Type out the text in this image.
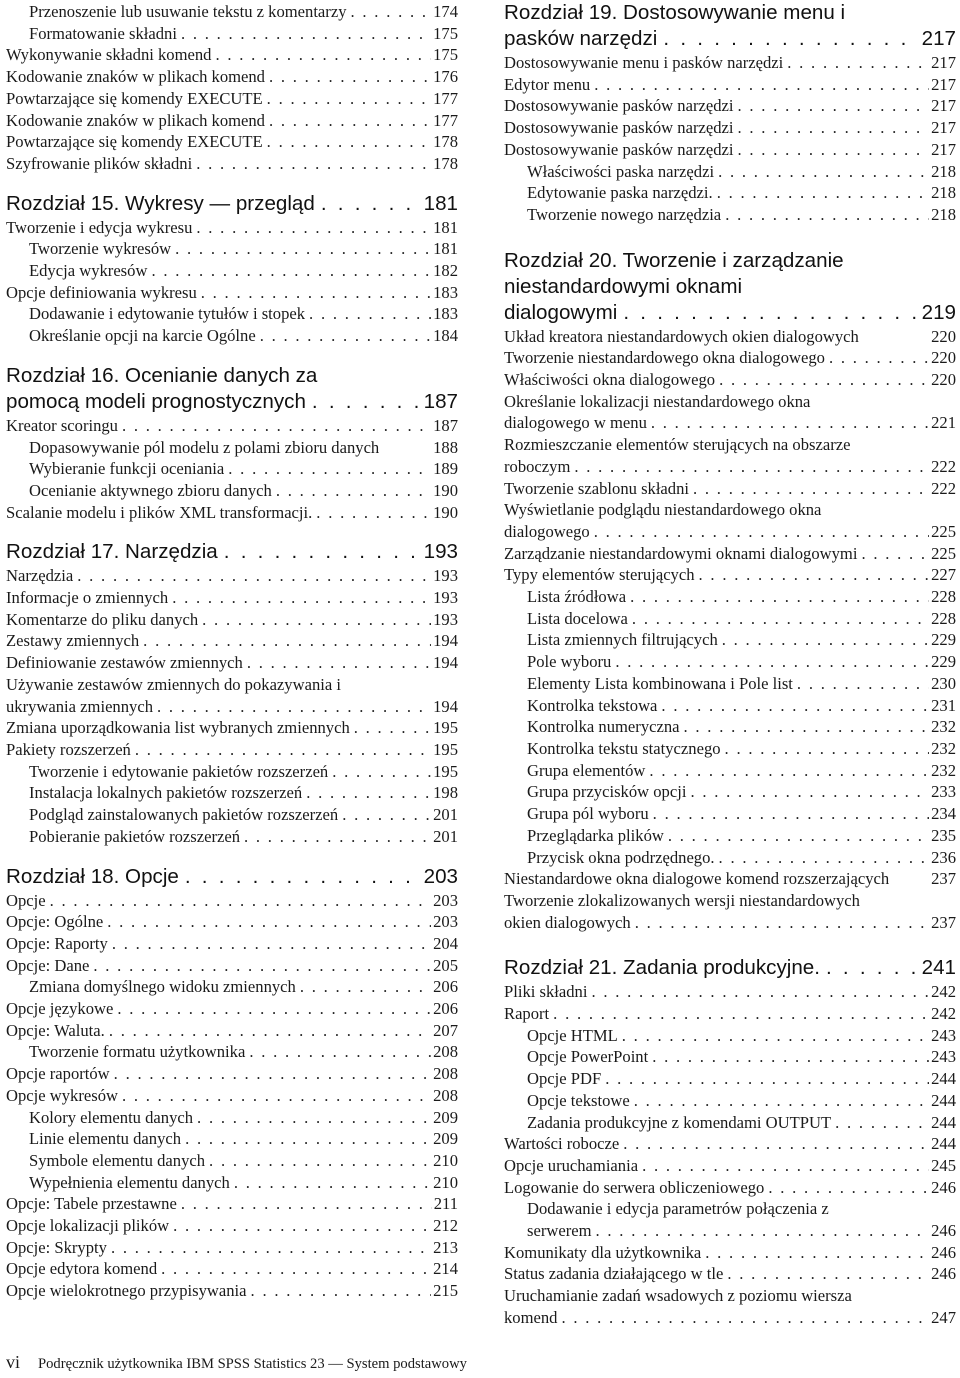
Przenoszenie lub usuwanie tekstu z komentarzy . . .	174
Formatowanie składni . . .	175
Wykonywanie składni komend . . .	175
Kodowanie znaków w plikach komend . . .	176
Powtarzające się komendy EXECUTE . . .	177
Kodowanie znaków w plikach komend . . .	177
Powtarzające się komendy EXECUTE . . .	178
Szyfrowanie plików składni . . .	178
Rozdział 15. Wykresy — przegląd . . .	181
Tworzenie i edycja wykresu . . .	181
Tworzenie wykresów . . .	181
Edycja wykresów . . .	182
Opcje definiowania wykresu . . .	183
Dodawanie i edytowanie tytułów i stopek . . .	183
Określanie opcji na karcie Ogólne . . .	184
Rozdział 16. Ocenianie danych za
pomocą modeli prognostycznych . . .	187
Kreator scoringu . . .	187
Dopasowywanie pól modelu z polami zbioru danych	188
Wybieranie funkcji oceniania . . .	189
Ocenianie aktywnego zbioru danych . . .	190
Scalanie modelu i plików XML transformacji. . . .	190
Rozdział 17. Narzędzia . . .	193
Narzędzia . . .	193
Informacje o zmiennych . . .	193
Komentarze do pliku danych . . .	193
Zestawy zmiennych . . .	194
Definiowanie zestawów zmiennych . . .	194
Używanie zestawów zmiennych do pokazywania i
ukrywania zmiennych . . .	194
Zmiana uporządkowania list wybranych zmiennych . . .	195
Pakiety rozszerzeń . . .	195
Tworzenie i edytowanie pakietów rozszerzeń . . .	195
Instalacja lokalnych pakietów rozszerzeń . . .	198
Podgląd zainstalowanych pakietów rozszerzeń . . .	201
Pobieranie pakietów rozszerzeń . . .	201
Rozdział 18. Opcje . . .	203
Opcje . . .	203
Opcje: Ogólne . . .	203
Opcje: Raporty . . .	204
Opcje: Dane . . .	205
Zmiana domyślnego widoku zmiennych . . .	206
Opcje językowe . . .	206
Opcje: Waluta. . . .	207
Tworzenie formatu użytkownika . . .	208
Opcje raportów . . .	208
Opcje wykresów . . .	208
Kolory elementu danych . . .	209
Linie elementu danych . . .	209
Symbole elementu danych . . .	210
Wypełnienia elementu danych . . .	210
Opcje: Tabele przestawne . . .	211
Opcje lokalizacji plików . . .	212
Opcje: Skrypty . . .	213
Opcje edytora komend . . .	214
Opcje wielokrotnego przypisywania . . .	215
Rozdział 19. Dostosowywanie menu i
pasków narzędzi . . .	217
Dostosowywanie menu i pasków narzędzi . . .	217
Edytor menu . . .	217
Dostosowywanie pasków narzędzi . . .	217
Dostosowywanie pasków narzędzi . . .	217
Dostosowywanie pasków narzędzi . . .	217
Właściwości paska narzędzi . . .	218
Edytowanie paska narzędzi. . . .	218
Tworzenie nowego narzędzia . . .	218
Rozdział 20. Tworzenie i zarządzanie
niestandardowymi oknami
dialogowymi . . .	219
Układ kreatora niestandardowych okien dialogowych	220
Tworzenie niestandardowego okna dialogowego . . .	220
Właściwości okna dialogowego . . .	220
Określanie lokalizacji niestandardowego okna
dialogowego w menu . . .	221
Rozmieszczanie elementów sterujących na obszarze
roboczym . . .	222
Tworzenie szablonu składni . . .	222
Wyświetlanie podglądu niestandardowego okna
dialogowego . . .	225
Zarządzanie niestandardowymi oknami dialogowymi . . .	225
Typy elementów sterujących . . .	227
Lista źródłowa . . .	228
Lista docelowa . . .	228
Lista zmiennych filtrujących . . .	229
Pole wyboru . . .	229
Elementy Lista kombinowana i Pole list . . .	230
Kontrolka tekstowa . . .	231
Kontrolka numeryczna . . .	232
Kontrolka tekstu statycznego . . .	232
Grupa elementów . . .	232
Grupa przycisków opcji . . .	233
Grupa pól wyboru . . .	234
Przeglądarka plików . . .	235
Przycisk okna podrzędnego. . . .	236
Niestandardowe okna dialogowe komend rozszerzających	237
Tworzenie zlokalizowanych wersji niestandardowych
okien dialogowych . . .	237
Rozdział 21. Zadania produkcyjne. . . .	241
Pliki składni . . .	242
Raport . . .	242
Opcje HTML . . .	243
Opcje PowerPoint . . .	243
Opcje PDF . . .	244
Opcje tekstowe . . .	244
Zadania produkcyjne z komendami OUTPUT . . .	244
Wartości robocze . . .	244
Opcje uruchamiania . . .	245
Logowanie do serwera obliczeniowego . . .	246
Dodawanie i edycja parametrów połączenia z
serwerem . . .	246
Komunikaty dla użytkownika . . .	246
Status zadania działającego w tle . . .	246
Uruchamianie zadań wsadowych z poziomu wiersza
komend . . .	247
vi Podręcznik użytkownika IBM SPSS Statistics 23 — System podstawowy
